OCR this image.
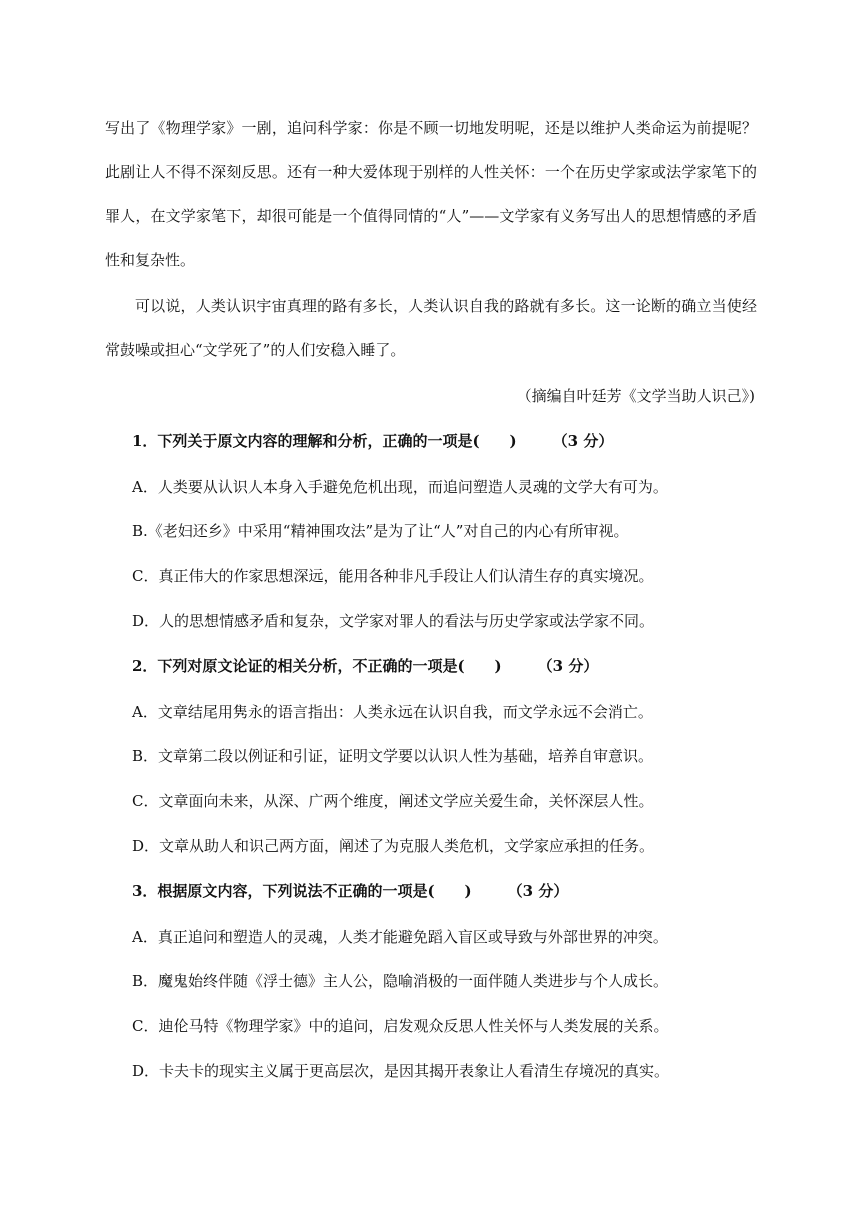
写出了《物理学家》一剧，追问科学家：你是不顾一切地发明呢，还是以维护人类命运为前提呢？此剧让人不得不深刻反思。还有一种大爱体现于别样的人性关怀：一个在历史学家或法学家笔下的罪人，在文学家笔下，却很可能是一个值得同情的“人”——文学家有义务写出人的思想情感的矛盾性和复杂性。

可以说，人类认识宇宙真理的路有多长，人类认识自我的路就有多长。这一论断的确立当使经常鼓噪或担心“文学死了”的人们安稳入睡了。

（摘编自叶廷芳《文学当助人识己》)
1．下列关于原文内容的理解和分析，正确的一项是(　　) （3 分）
A．人类要从认识人本身入手避免危机出现，而追问塑造人灵魂的文学大有可为。
B.《老妇还乡》中采用“精神围攻法”是为了让“人”对自己的内心有所审视。
C．真正伟大的作家思想深远，能用各种非凡手段让人们认清生存的真实境况。
D．人的思想情感矛盾和复杂，文学家对罪人的看法与历史学家或法学家不同。
2．下列对原文论证的相关分析，不正确的一项是(　　) （3 分）
A．文章结尾用隽永的语言指出：人类永远在认识自我，而文学永远不会消亡。
B．文章第二段以例证和引证，证明文学要以认识人性为基础，培养自审意识。
C．文章面向未来，从深、广两个维度，阐述文学应关爱生命，关怀深层人性。
D．文章从助人和识己两方面，阐述了为克服人类危机，文学家应承担的任务。
3．根据原文内容，下列说法不正确的一项是(　　) （3 分）
A．真正追问和塑造人的灵魂，人类才能避免蹈入盲区或导致与外部世界的冲突。
B．魔鬼始终伴随《浮士德》主人公，隐喻消极的一面伴随人类进步与个人成长。
C．迪伦马特《物理学家》中的追问，启发观众反思人性关怀与人类发展的关系。
D．卡夫卡的现实主义属于更高层次，是因其揭开表象让人看清生存境况的真实。
